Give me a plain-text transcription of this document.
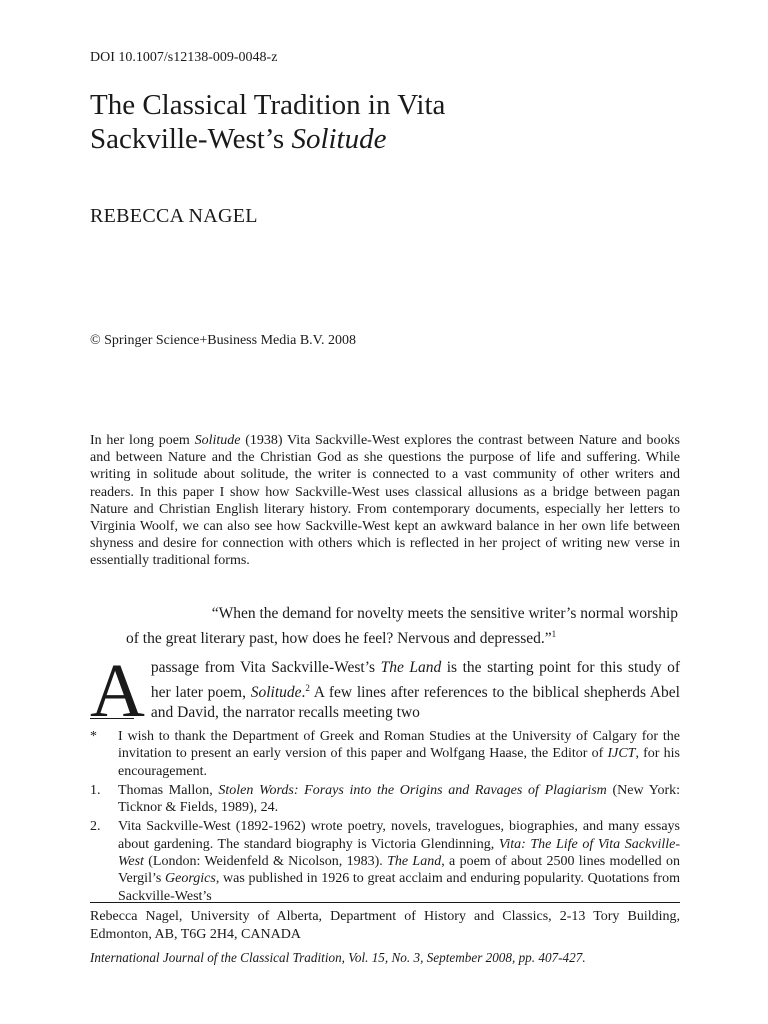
DOI 10.1007/s12138-009-0048-z
The Classical Tradition in Vita
Sackville-West’s Solitude
REBECCA NAGEL
© Springer Science+Business Media B.V. 2008
In her long poem Solitude (1938) Vita Sackville-West explores the contrast between Nature and books and between Nature and the Christian God as she questions the purpose of life and suffering. While writing in solitude about solitude, the writer is connected to a vast community of other writers and readers. In this paper I show how Sackville-West uses classical allusions as a bridge between pagan Nature and Christian English literary history. From contemporary documents, especially her letters to Virginia Woolf, we can also see how Sackville-West kept an awkward balance in her own life between shyness and desire for connection with others which is reflected in her project of writing new verse in essentially traditional forms.
“When the demand for novelty meets the sensitive writer’s normal worship
of the great literary past, how does he feel? Nervous and depressed.”$^1$
A passage from Vita Sackville-West’s The Land is the starting point for this study of her later poem, Solitude.$^2$ A few lines after references to the biblical shepherds Abel and David, the narrator recalls meeting two

*	I wish to thank the Department of Greek and Roman Studies at the University of Calgary for the invitation to present an early version of this paper and Wolfgang Haase, the Editor of IJCT, for his encouragement.
1.	Thomas Mallon, Stolen Words: Forays into the Origins and Ravages of Plagiarism (New York: Ticknor & Fields, 1989), 24.
2.	Vita Sackville-West (1892-1962) wrote poetry, novels, travelogues, biographies, and many essays about gardening. The standard biography is Victoria Glendinning, Vita: The Life of Vita Sackville-West (London: Weidenfeld & Nicolson, 1983). The Land, a poem of about 2500 lines modelled on Vergil’s Georgics, was published in 1926 to great acclaim and enduring popularity. Quotations from Sackville-West’s
Rebecca Nagel, University of Alberta, Department of History and Classics, 2-13 Tory Building, Edmonton, AB, T6G 2H4, CANADA
International Journal of the Classical Tradition, Vol. 15, No. 3, September 2008, pp. 407-427.
